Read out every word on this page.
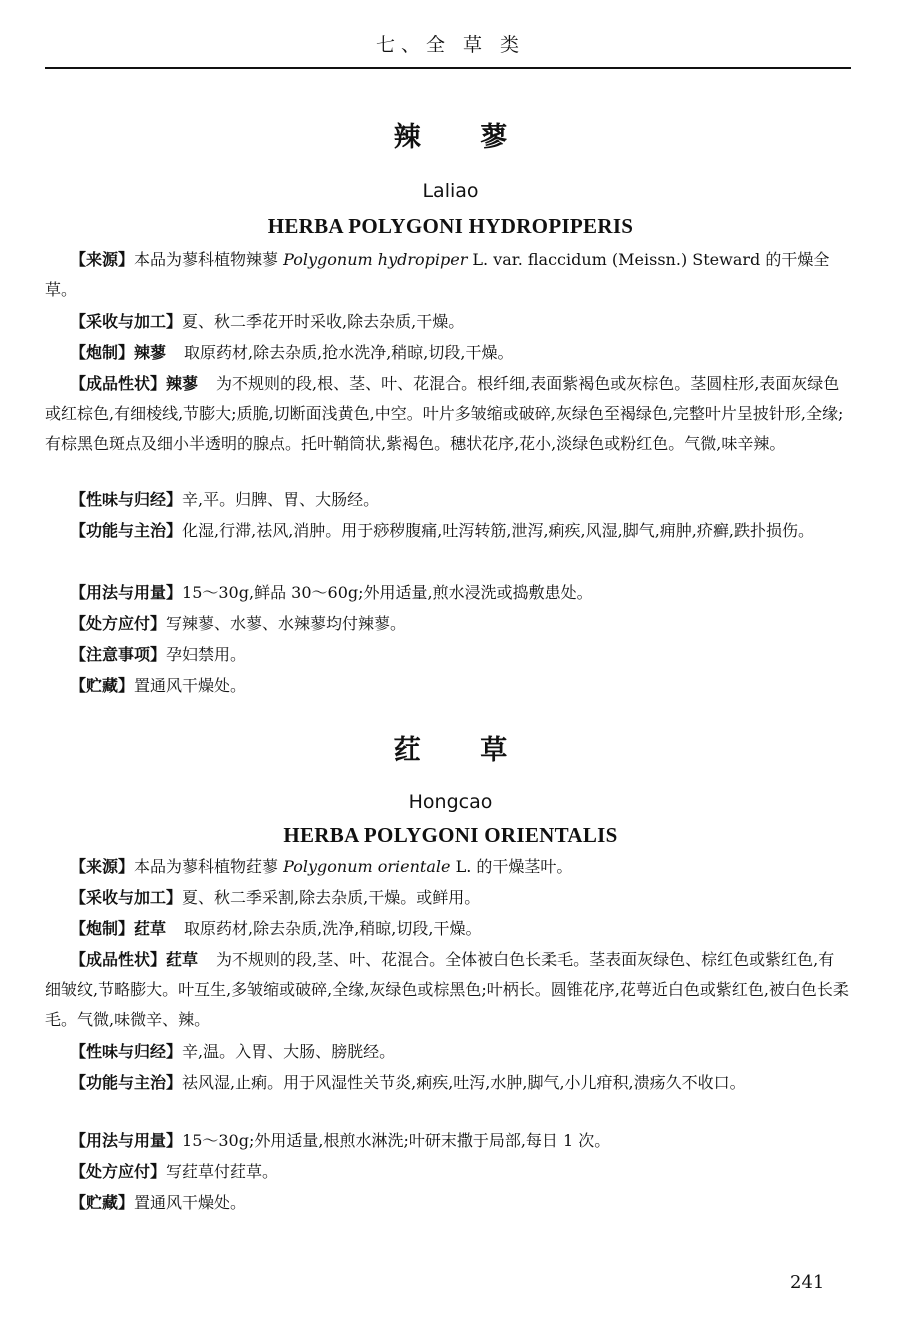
七、全 草 类
辣 蓼
Laliao
HERBA POLYGONI HYDROPIPERIS

【来源】本品为蓼科植物辣蓼 Polygonum hydropiper L. var. flaccidum (Meissn.) Steward 的干燥全草。

【采收与加工】夏、秋二季花开时采收,除去杂质,干燥。

【炮制】辣蓼 取原药材,除去杂质,抢水洗净,稍晾,切段,干燥。

【成品性状】辣蓼 为不规则的段,根、茎、叶、花混合。根纤细,表面紫褐色或灰棕色。茎圆柱形,表面灰绿色或红棕色,有细棱线,节膨大;质脆,切断面浅黄色,中空。叶片多皱缩或破碎,灰绿色至褐绿色,完整叶片呈披针形,全缘;有棕黑色斑点及细小半透明的腺点。托叶鞘筒状,紫褐色。穗状花序,花小,淡绿色或粉红色。气微,味辛辣。

【性味与归经】辛,平。归脾、胃、大肠经。

【功能与主治】化湿,行滞,祛风,消肿。用于痧秽腹痛,吐泻转筋,泄泻,痢疾,风湿,脚气,痈肿,疥癣,跌扑损伤。

【用法与用量】15～30g,鲜品 30～60g;外用适量,煎水浸洗或捣敷患处。

【处方应付】写辣蓼、水蓼、水辣蓼均付辣蓼。

【注意事项】孕妇禁用。

【贮藏】置通风干燥处。

荭 草
Hongcao
HERBA POLYGONI ORIENTALIS

【来源】本品为蓼科植物荭蓼 Polygonum orientale L. 的干燥茎叶。

【采收与加工】夏、秋二季采割,除去杂质,干燥。或鲜用。

【炮制】荭草 取原药材,除去杂质,洗净,稍晾,切段,干燥。

【成品性状】荭草 为不规则的段,茎、叶、花混合。全体被白色长柔毛。茎表面灰绿色、棕红色或紫红色,有细皱纹,节略膨大。叶互生,多皱缩或破碎,全缘,灰绿色或棕黑色;叶柄长。圆锥花序,花萼近白色或紫红色,被白色长柔毛。气微,味微辛、辣。

【性味与归经】辛,温。入胃、大肠、膀胱经。

【功能与主治】祛风湿,止痢。用于风湿性关节炎,痢疾,吐泻,水肿,脚气,小儿疳积,溃疡久不收口。

【用法与用量】15～30g;外用适量,根煎水淋洗;叶研末撒于局部,每日 1 次。

【处方应付】写荭草付荭草。

【贮藏】置通风干燥处。

241
